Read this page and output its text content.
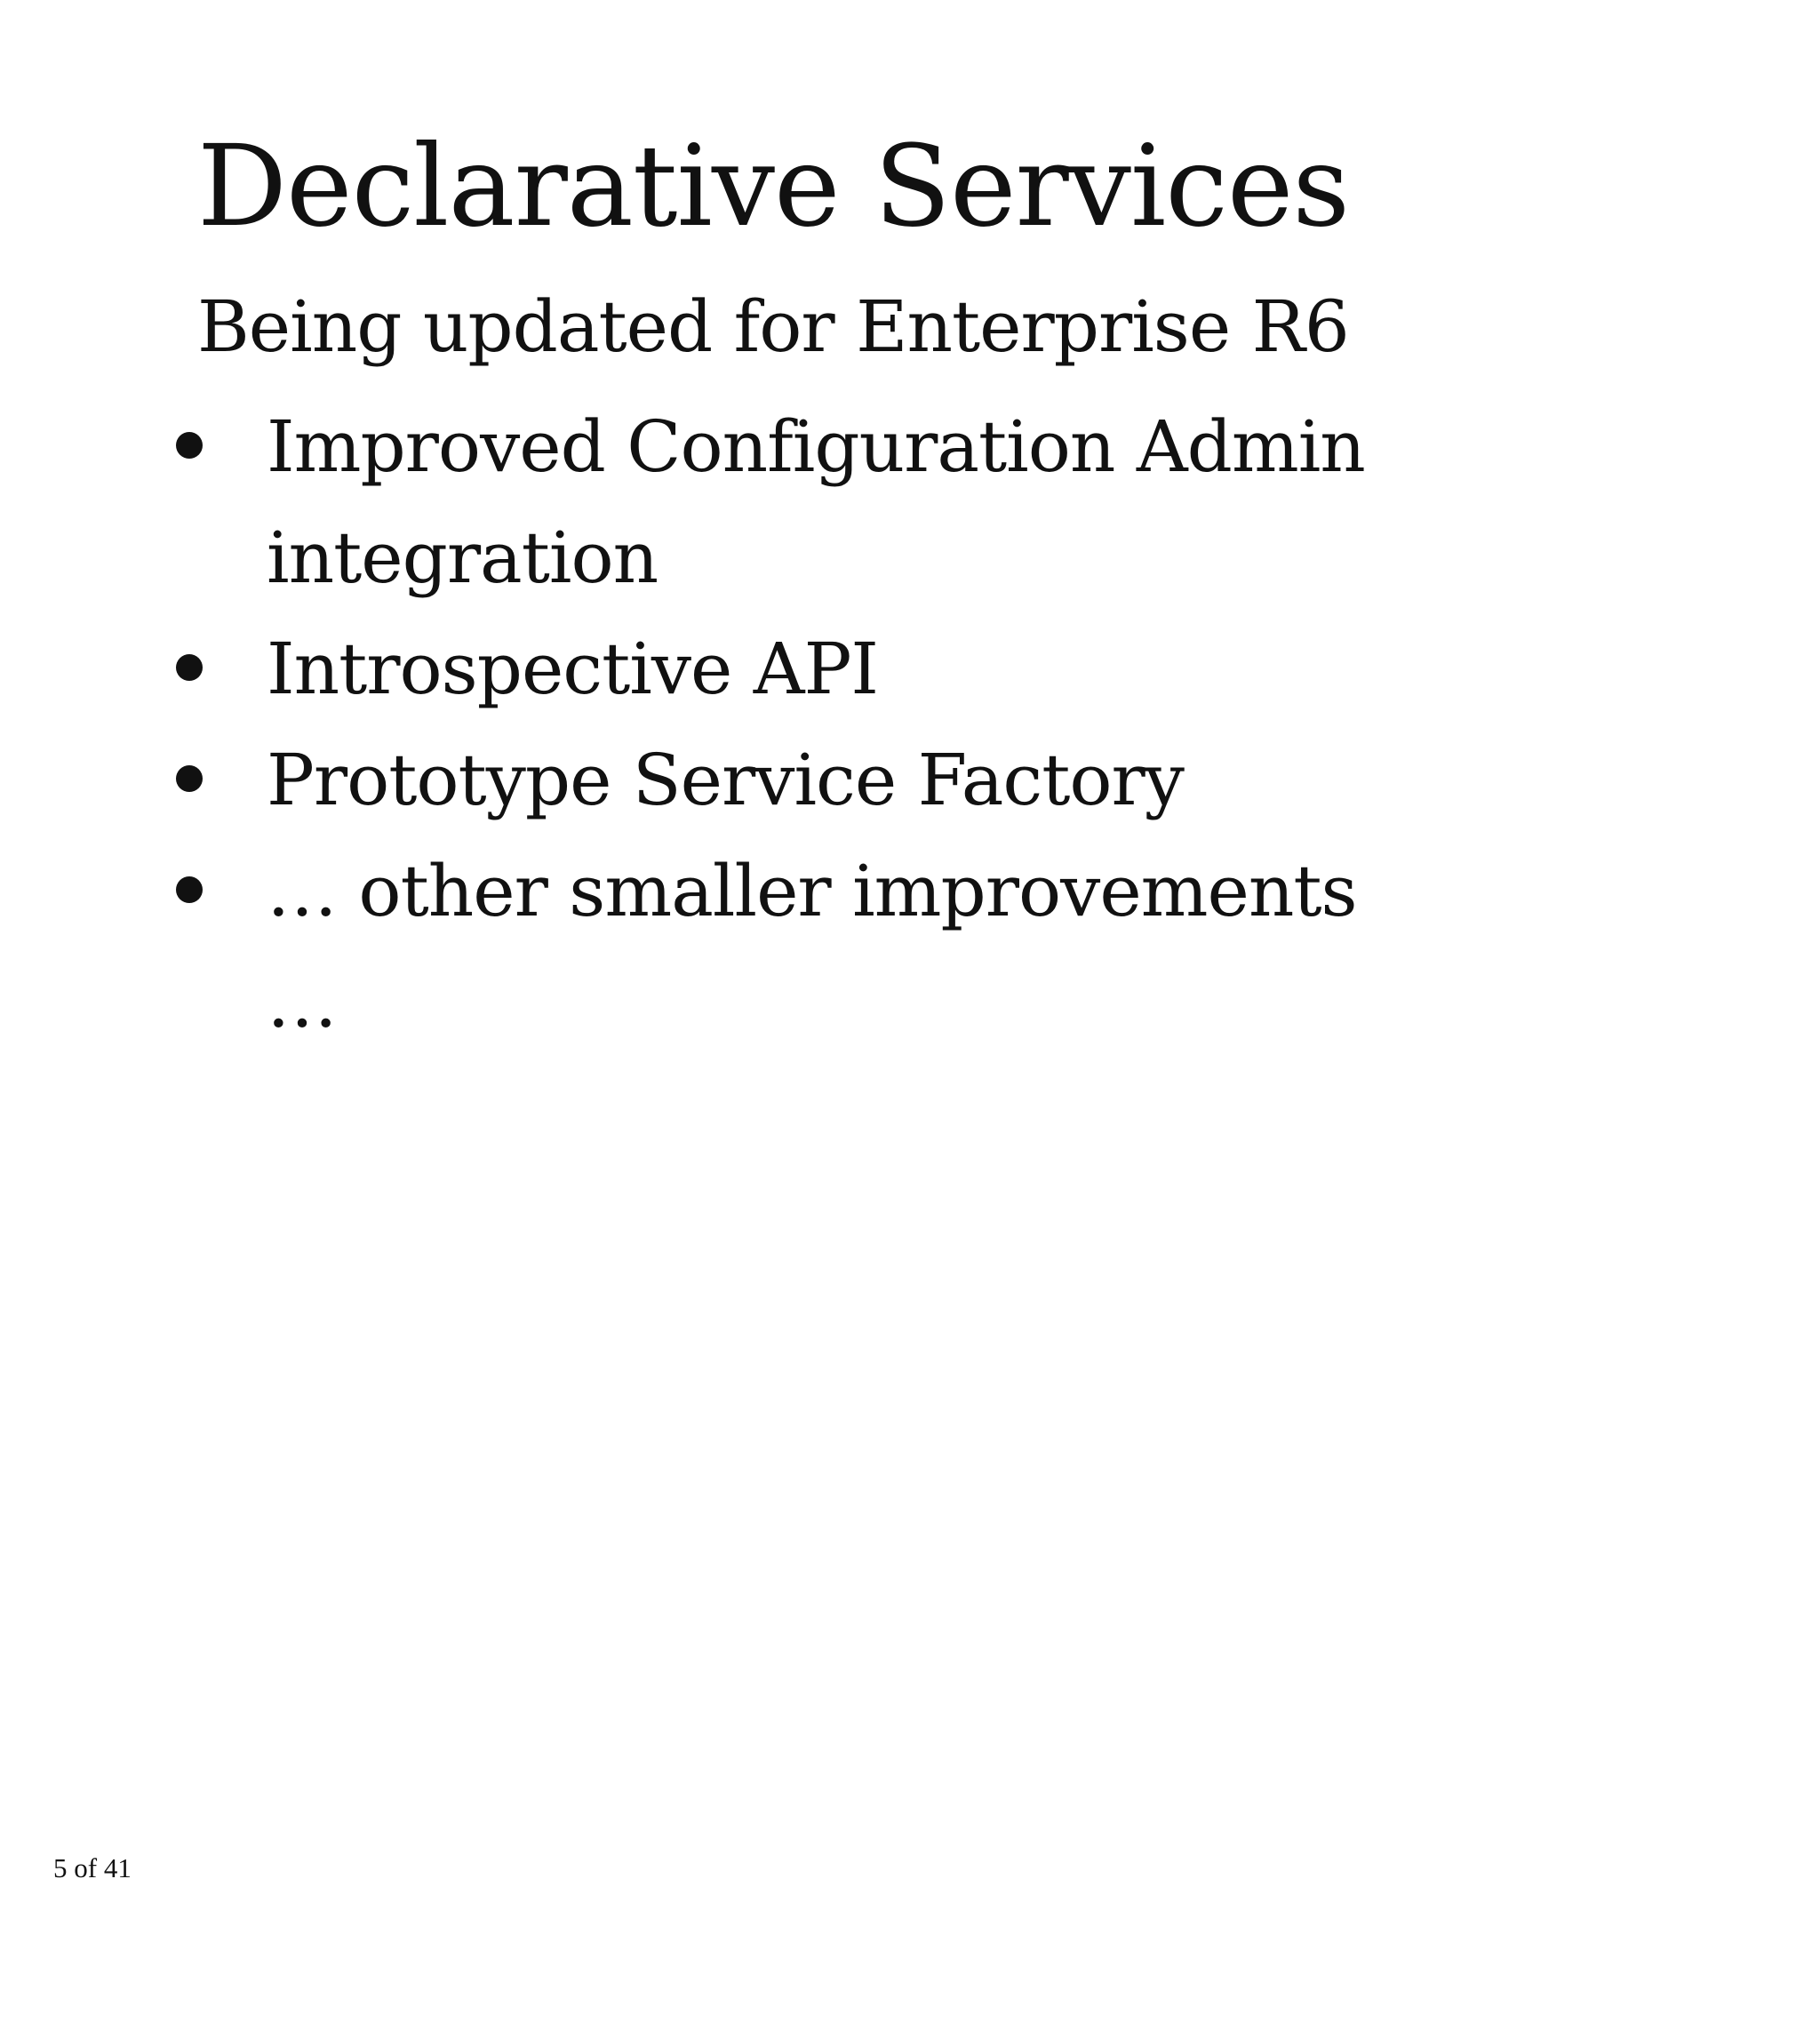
Declarative Services

Being updated for Enterprise R6

Improved Configuration Admin integration
Introspective API
Prototype Service Factory
… other smaller improvements …

5 of 41
